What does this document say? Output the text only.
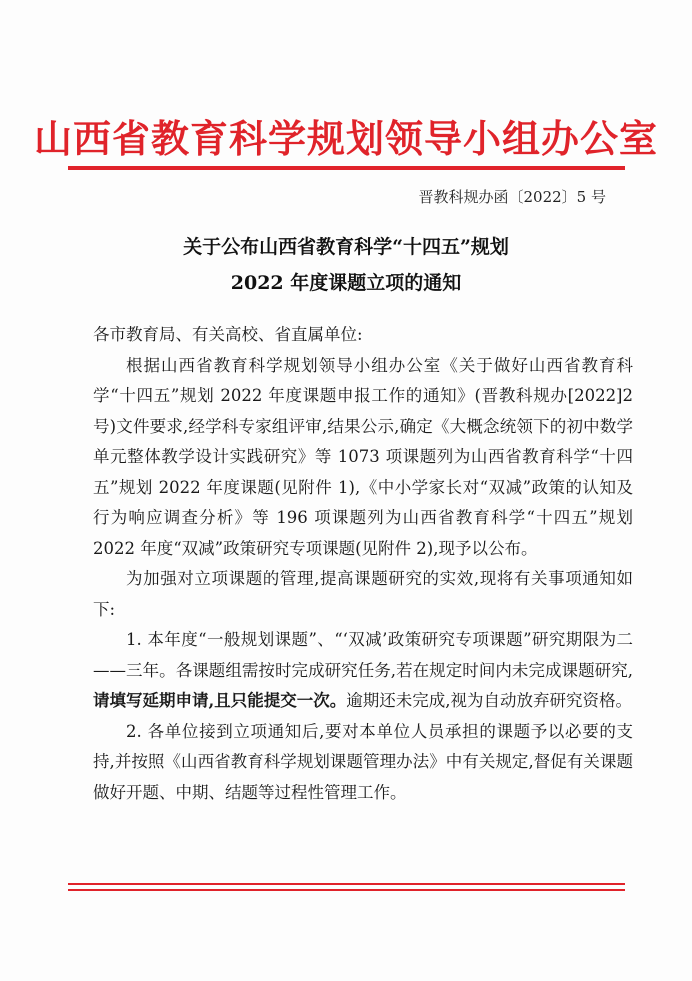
山西省教育科学规划领导小组办公室
晋教科规办函〔2022〕5 号
关于公布山西省教育科学“十四五”规划
2022 年度课题立项的通知

各市教育局、有关高校、省直属单位:

根据山西省教育科学规划领导小组办公室《关于做好山西省教育科学“十四五”规划 2022 年度课题申报工作的通知》(晋教科规办[2022]2 号)文件要求,经学科专家组评审,结果公示,确定《大概念统领下的初中数学单元整体教学设计实践研究》等 1073 项课题列为山西省教育科学“十四五”规划 2022 年度课题(见附件 1),《中小学家长对“双减”政策的认知及行为响应调查分析》等 196 项课题列为山西省教育科学“十四五”规划 2022 年度“双减”政策研究专项课题(见附件 2),现予以公布。

为加强对立项课题的管理,提高课题研究的实效,现将有关事项通知如下:

1. 本年度“一般规划课题”、“‘双减’政策研究专项课题”研究期限为二——三年。各课题组需按时完成研究任务,若在规定时间内未完成课题研究,请填写延期申请,且只能提交一次。逾期还未完成,视为自动放弃研究资格。

2. 各单位接到立项通知后,要对本单位人员承担的课题予以必要的支持,并按照《山西省教育科学规划课题管理办法》中有关规定,督促有关课题做好开题、中期、结题等过程性管理工作。
